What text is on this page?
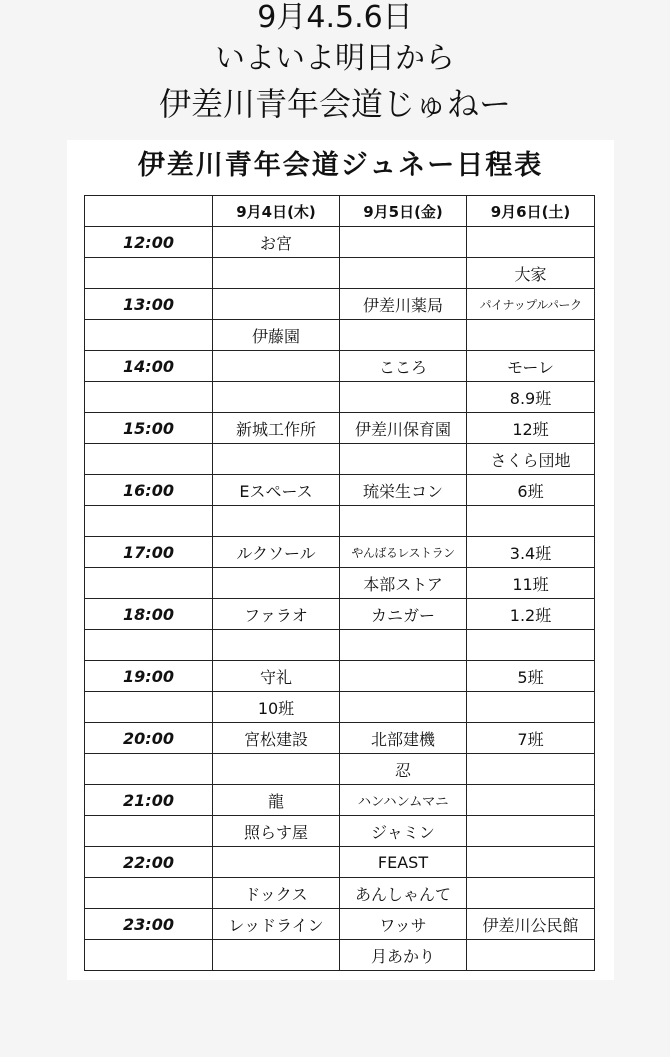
9月4.5.6日
いよいよ明日から
伊差川青年会道じゅねー
伊差川青年会道ジュネー日程表
	9月4日(木)	9月5日(金)	9月6日(土)
12:00	お宮		
			大家
13:00		伊差川薬局	パイナップルパーク
	伊藤園		
14:00		こころ	モーレ
			8.9班
15:00	新城工作所	伊差川保育園	12班
			さくら団地
16:00	Eスペース	琉栄生コン	6班

17:00	ルクソール	やんばるレストラン	3.4班
		本部ストア	11班
18:00	ファラオ	カニガー	1.2班

19:00	守礼		5班
	10班		
20:00	宮松建設	北部建機	7班
		忍	
21:00	龍	ハンハンムマニ	
	照らす屋	ジャミン	
22:00		FEAST	
	ドックス	あんしゃんて	
23:00	レッドライン	ワッサ	伊差川公民館
		月あかり	
